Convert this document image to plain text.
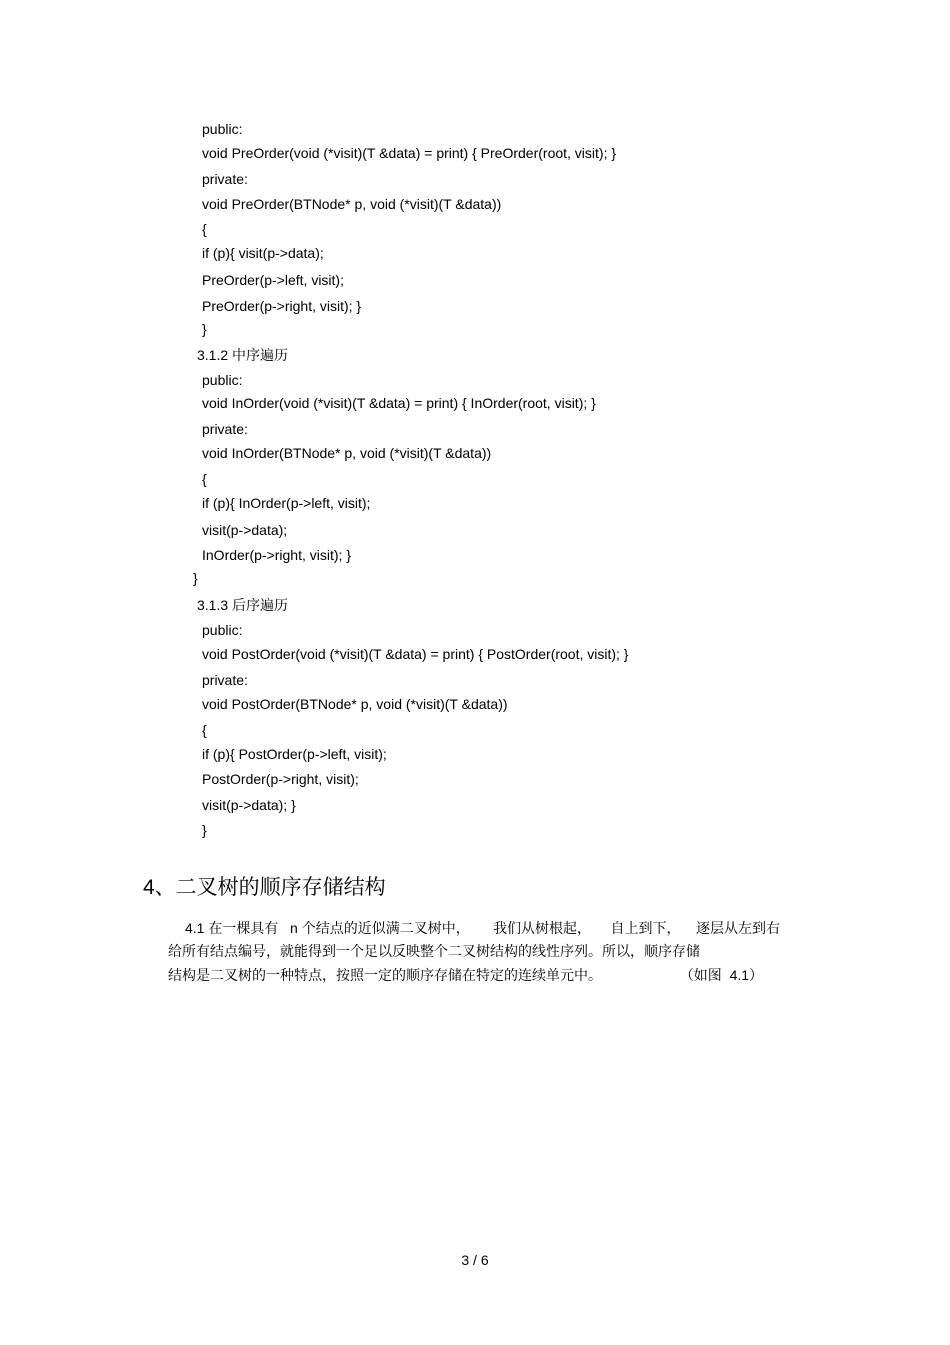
public:
void PreOrder(void (*visit)(T &data) = print) { PreOrder(root, visit); }
private:
void PreOrder(BTNode* p, void (*visit)(T &data))
{
if (p){ visit(p->data);
PreOrder(p->left, visit);
PreOrder(p->right, visit); }
}
3.1.2 中序遍历
public:
void InOrder(void (*visit)(T &data) = print) { InOrder(root, visit); }
private:
void InOrder(BTNode* p, void (*visit)(T &data))
{
if (p){ InOrder(p->left, visit);
visit(p->data);
InOrder(p->right, visit); }
}
3.1.3 后序遍历
public:
void PostOrder(void (*visit)(T &data) = print) { PostOrder(root, visit); }
private:
void PostOrder(BTNode* p, void (*visit)(T &data))
{
if (p){ PostOrder(p->left, visit);
PostOrder(p->right, visit);
visit(p->data); }
}
4、二叉树的顺序存储结构
4.1 在一棵具有   n 个结点的近似满二叉树中，      我们从树根起，     自上到下，    逐层从左到右
给所有结点编号，就能得到一个足以反映整个二叉树结构的线性序列。所以，顺序存储
结构是二叉树的一种特点，按照一定的顺序存储在特定的连续单元中。                    （如图  4.1）
3 / 6
